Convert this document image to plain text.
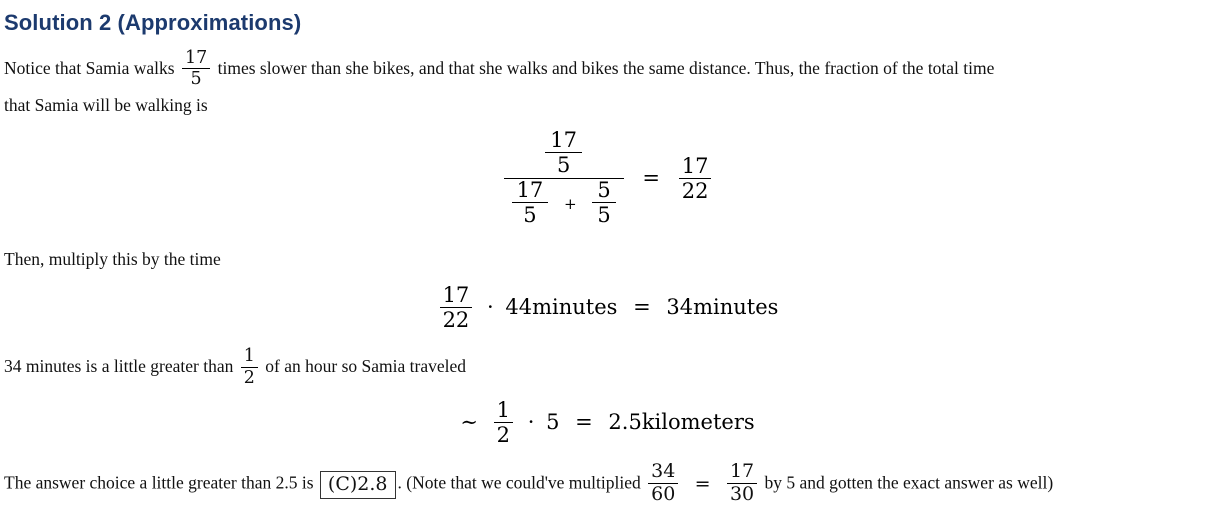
Solution 2 (Approximations)
Notice that Samia walks $\frac{17}{5}$ times slower than she bikes, and that she walks and bikes the same distance. Thus, the fraction of the total time
that Samia will be walking is
$\frac{17}{5}$
$\frac{17}{5} + \frac{5}{5}$
= $\frac{17}{22}$
Then, multiply this by the time
$\frac{17}{22}$ · 44minutes = 34minutes
34 minutes is a little greater than $\frac{1}{2}$ of an hour so Samia traveled
∼ $\frac{1}{2} \cdot 5$ = 2.5kilometers
The answer choice a little greater than 2.5 is (C)2.8 . (Note that we could've multiplied $\frac{34}{60} = \frac{17}{30}$ by 5 and gotten the exact answer as well)
